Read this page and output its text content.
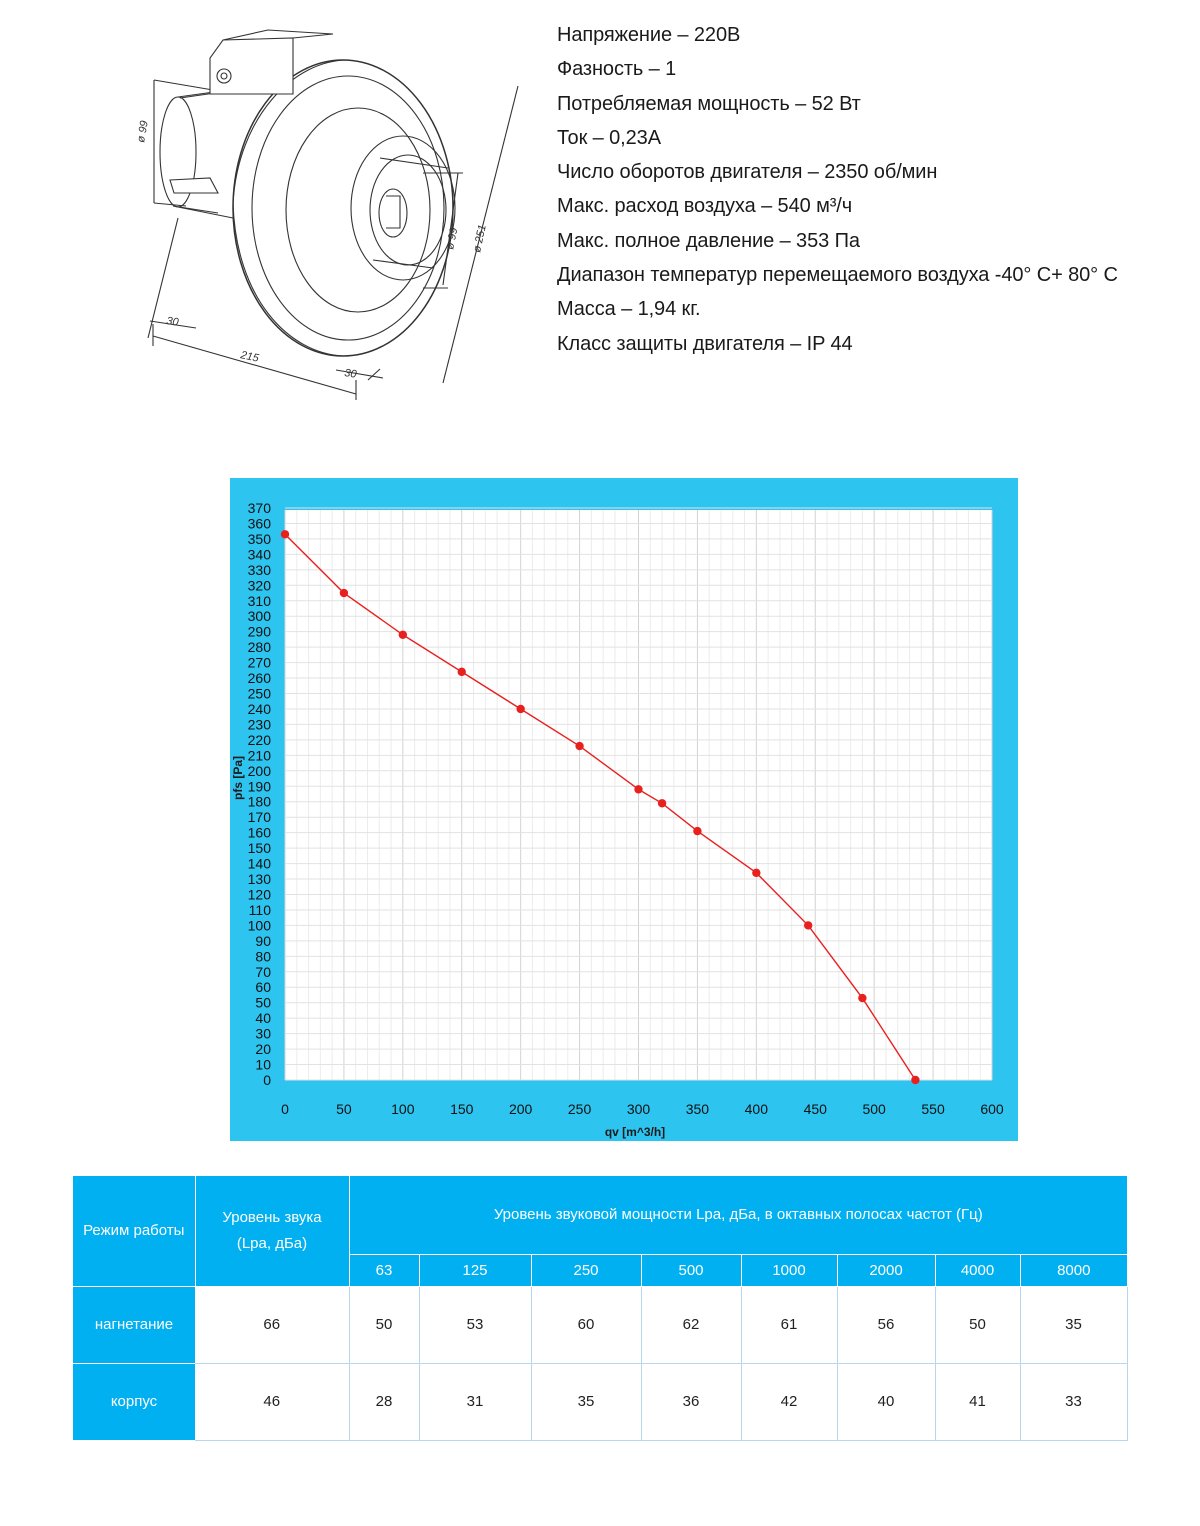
ø 99
ø 99 ø 251
30
30
215
Напряжение – 220В
Фазность – 1
Потребляемая мощность – 52 Вт
Ток – 0,23А
Число оборотов двигателя – 2350 об/мин
Макс. расход воздуха – 540 м³/ч
Макс. полное давление – 353 Па
Диапазон температур перемещаемого воздуха -40° С+ 80° С
Масса – 1,94 кг.
Класс защиты двигателя – IP 44
0
10
20
30
40
50
60
70
80
90
100
110
120
130
140
150
160
170
180
190
200
210
220
230
240
250
260
270
280
290
300
310
320
330
340
350
360
370
0	50	100	150	200	250	300	350	400	450	500	550	600
pfs [Pa]
qv [m^3/h]
Режим работы	Уровень звука
(Lpa, дБа)	Уровень звуковой мощности Lpa, дБа, в октавных полосах частот (Гц)							
		63	125	250	500	1000	2000	4000	8000
нагнетание	66	50	53	60	62	61	56	50	35
корпус	46	28	31	35	36	42	40	41	33
